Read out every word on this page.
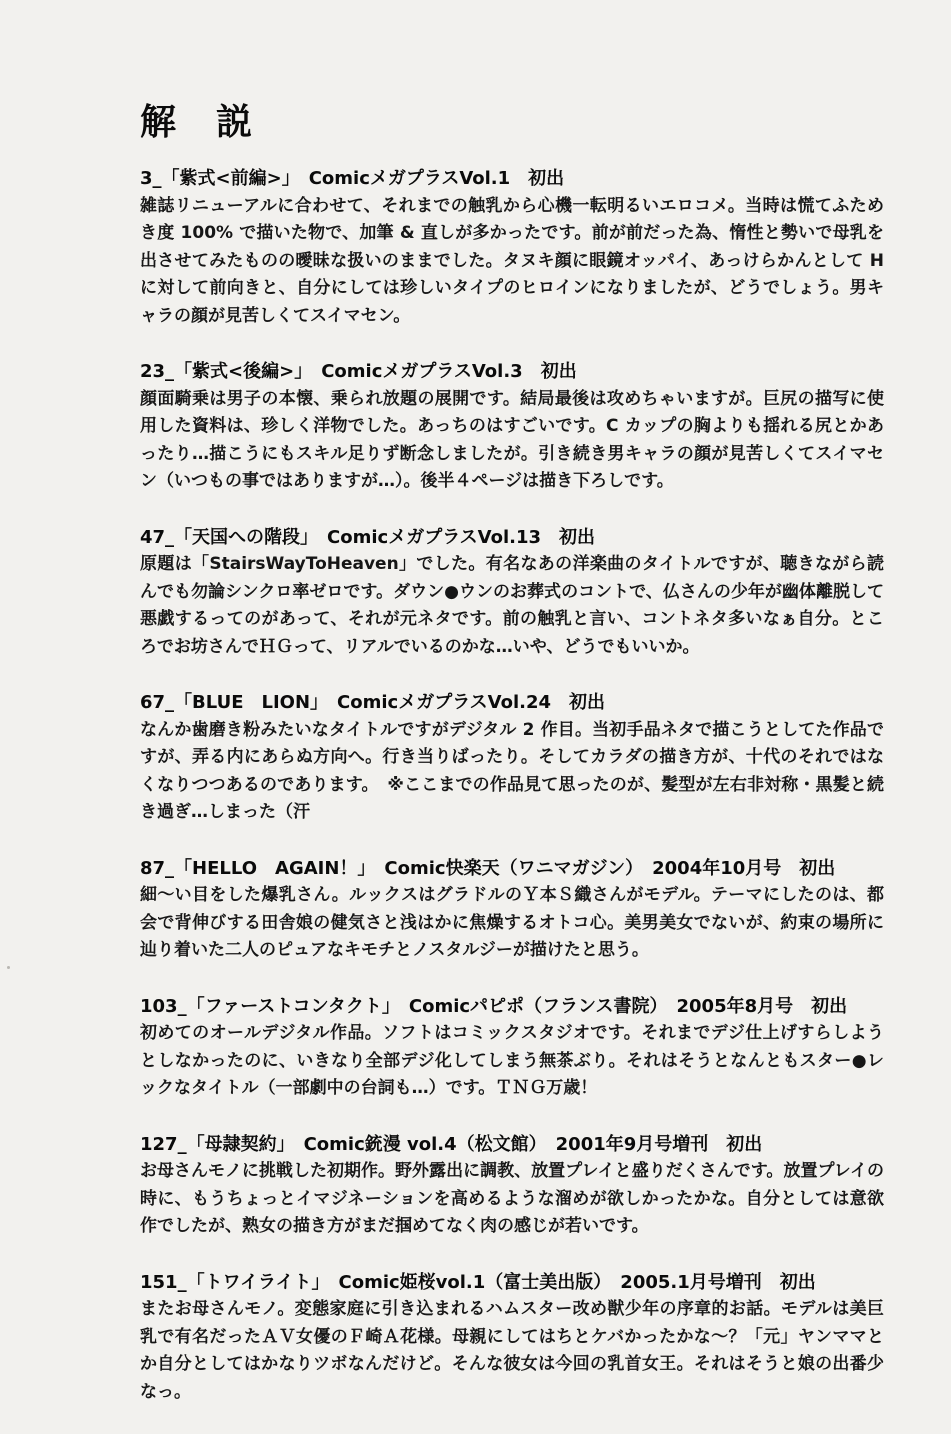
解　説
3_「紫式<前編>」　ComicメガプラスVol.1　初出

雑誌リニューアルに合わせて、それまでの触乳から心機一転明るいエロコメ。当時は慌てふためき度 100% で描いた物で、加筆 & 直しが多かったです。前が前だった為、惰性と勢いで母乳を出させてみたものの曖昧な扱いのままでした。タヌキ顔に眼鏡オッパイ、あっけらかんとして H に対して前向きと、自分にしては珍しいタイプのヒロインになりましたが、どうでしょう。男キャラの顔が見苦しくてスイマセン。

23_「紫式<後編>」　ComicメガプラスVol.3　初出

顔面騎乗は男子の本懐、乗られ放題の展開です。結局最後は攻めちゃいますが。巨尻の描写に使用した資料は、珍しく洋物でした。あっちのはすごいです。C カップの胸よりも揺れる尻とかあったり…描こうにもスキル足りず断念しましたが。引き続き男キャラの顔が見苦しくてスイマセン（いつもの事ではありますが…）。後半４ページは描き下ろしです。

47_「天国への階段」　ComicメガプラスVol.13　初出

原題は「StairsWayToHeaven」でした。有名なあの洋楽曲のタイトルですが、聴きながら読んでも勿論シンクロ率ゼロです。ダウン●ウンのお葬式のコントで、仏さんの少年が幽体離脱して悪戯するってのがあって、それが元ネタです。前の触乳と言い、コントネタ多いなぁ自分。ところでお坊さんでＨＧって、リアルでいるのかな…いや、どうでもいいか。

67_「BLUE　LION」　ComicメガプラスVol.24　初出

なんか歯磨き粉みたいなタイトルですがデジタル 2 作目。当初手品ネタで描こうとしてた作品ですが、弄る内にあらぬ方向へ。行き当りばったり。そしてカラダの描き方が、十代のそれではなくなりつつあるのであります。　※ここまでの作品見て思ったのが、髪型が左右非対称・黒髪と続き過ぎ…しまった（汗

87_「HELLO　AGAIN！」　Comic快楽天（ワニマガジン）　2004年10月号　初出

細～い目をした爆乳さん。ルックスはグラドルのＹ本Ｓ織さんがモデル。テーマにしたのは、都会で背伸びする田舎娘の健気さと浅はかに焦燥するオトコ心。美男美女でないが、約束の場所に辿り着いた二人のピュアなキモチとノスタルジーが描けたと思う。

103_「ファーストコンタクト」　Comicパピポ（フランス書院）　2005年8月号　初出

初めてのオールデジタル作品。ソフトはコミックスタジオです。それまでデジ仕上げすらしようとしなかったのに、いきなり全部デジ化してしまう無茶ぶり。それはそうとなんともスター●レックなタイトル（一部劇中の台詞も…）です。ＴＮＧ万歳！

127_「母隷契約」　Comic銃漫 vol.4（松文館）　2001年9月号増刊　初出

お母さんモノに挑戦した初期作。野外露出に調教、放置プレイと盛りだくさんです。放置プレイの時に、もうちょっとイマジネーションを高めるような溜めが欲しかったかな。自分としては意欲作でしたが、熟女の描き方がまだ掴めてなく肉の感じが若いです。

151_「トワイライト」　Comic姫桜vol.1（富士美出版）　2005.1月号増刊　初出

またお母さんモノ。変態家庭に引き込まれるハムスター改め獣少年の序章的お話。モデルは美巨乳で有名だったＡＶ女優のＦ崎Ａ花様。母親にしてはちとケバかったかな～？「元」ヤンママとか自分としてはかなりツボなんだけど。そんな彼女は今回の乳首女王。それはそうと娘の出番少なっ。
